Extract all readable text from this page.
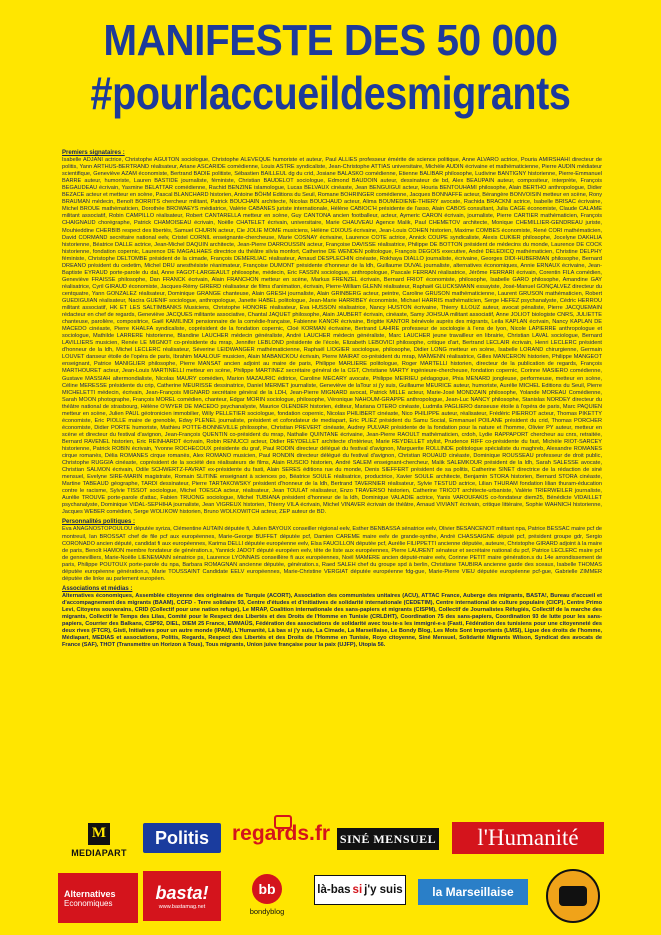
MANIFESTE DES 50 000
#pourlaccueildesmigrants

Premiers signataires :

Isabelle ADJANI actrice, Christophe AGUITON sociologue, Christophe ALEVEQUE humoriste et auteur, Paul ALLIES professeur émérite de science politique, Anne ALVARO actrice, Pouria AMIRSHAHI directeur de politis, Yann ARTHUS-BERTRAND réalisateur, Ariane ASCARIDE comédienne, Louis ASTRE syndicaliste, Jean-Christophe ATTIAS universitaire, Michèle AUDIN écrivaine et mathématicienne, Pierre AUDIN médiateur scientifique, Geneviève AZAM économiste, Bertrand BADIE politiste, Sébastien BAILLEUL dg du crid, Josiane BALASKO comédienne, Etienne BALIBAR philosophe, Ludivine BANTIGNY historienne, Pierre-Emmanuel BARRE auteur, humoriste, Lauren BASTIDE journaliste, féministe, Christian BAUDELOT sociologue, Edmond BAUDOIN auteur, dessinateur de bd, Alex BEAUPAIN auteur, compositeur, interprète, François BEGAUDEAU écrivain, Yasmine BELATTAR comédienne, Rachid BENZINE islamologue, Lucas BELVAUX cinéaste, Jean BENGUIGUI acteur, Houria BENTOUHAMI philosophe, Alain BERTHO anthropologue, Didier BEZACE acteur et metteur en scène, Pascal BLANCHARD historien, Antoine BÖHM Editions du Seuil, Romane BOHRINGER comédienne, Jacques BONNAFFE acteur, Bérangère BONVOISIN metteur en scène, Rony BRAUMAN médecin, Benoît BORRITS chercheur militant, Patrick BOUCHAIN architecte, Nicolas BOUCHAUD acteur, Alima BOUMEDIENE-THIERY avocate, Rachida BRACKNI actrice, Isabelle BRISAC écrivaine, Michel BROUE mathématicien, Dorothée BROWAEYS médiatrice, Valérie CABANES juriste internationale, Hélène CABIOC'H présidente de l'asso, Alain CABOS consultant, Julia CAGE économiste, Claude CALAME militant associatif, Robin CAMPILLO réalisateur, Robert CANTARELLA metteur en scène, Guy CANTONA ancien footballeur, acteur, Aymeric CARON écrivain, journaliste, Pierre CARTIER mathématicien, François CHAIGNAUD chorégraphe, Patrick CHAMOISEAU écrivain, Noëlle CHATELET écrivain, universitaire, Marie CHAUVEAU Agence Malik, Paul CHEMETOV architecte, Monique CHEMILLIER-GENDREAU juriste, Mouhieddine CHERBIB respect des libertés, Samuel CHURIN acteur, Cie JOLIE MOME musiciens, Hélène CIXOUS écrivaine, Jean-Louis COHEN historien, Maxime COMBES économiste, René CORI mathématicien, David CORMAND secrétaire national eelv, Cristel CORNIL enseignante-chercheuse, Marie COSNAY écrivaine, Laurence COTE actrice, Annick COUPE syndicaliste, Alexis CUKIER philosophe, Jocelyne DAKHLIA historienne, Béatrice DALLE actrice, Jean-Michel DAQUIN architecte, Jean-Pierre DARROUSSIN acteur, Françoise DAVISSE réalisatrice, Philippe DE BOTTON président de médecins du monde, Laurence DE COCK historienne, fondation copernic, Laurence DE MAGALHAES directrice du théâtre silvia monfort, Catherine DE WENDEN politologue, François DEGOIS executive, André DELEDICQ mathématicien, Christine DELPHY féministe, Christophe DELTOMBE président de la cimade, François DEMERLIAC réalisateur, Arnaud DESPLECHIN cinéaste, Rokhaya DIALLO journaliste, écrivaine, Georges DIDI-HUBERMAN philosophe, Bernard DREANO président du cedetim, Michel DRU anesthésiste réanimateur, Françoise DUMONT présidente d'honneur de la ldh, Guillaume DUVAL journaliste, alternatives économiques, Annie ERNAUX écrivaine, Jean-Baptiste EYRAUD porte-parole du dal, Anne FAGOT-LARGEAULT philosophe, médecin, Eric FASSIN sociologue, anthropologue, Pascale FERRAN réalisatrice, Jérôme FERRARI écrivain, Corentin FILA comédien, Geneviève FRAISSE philosophe, Dan FRANCK écrivain, Alain FRANCHON metteur en scène, Markus FRENZEL écrivain, Bernard FRIOT économiste, philosophe, Isabelle GARO philosophe, Amandine GAY réalisatrice, Cyril GIRAUD économiste, Jacques-Rémy GIRERD réalisateur de films d'animation, écrivain, Pierre-William GLENN réalisateur, Raphaël GLUCKSMANN essayiste, José-Manuel GONÇALVEZ directeur du centquatre, Yann GONZALEZ réalisateur, Dominique GRANGE chanteuse, Alain GRESH journaliste, Alain GRINBERG acteur, peintre, Caroline GRUSON mathématicienne, Laurent GRUSON mathématicien, Robert GUEDIGUIAN réalisateur, Nacira GUENIF sociologue, anthropologue, Janette HABEL politologue, Jean-Marie HARRIBEY économiste, Michael HARRIS mathématicien, Serge HEFEZ psychanalyste, Cédric HERROU militant associatif, HK ET LES SALTIMBANKS Musiciens, Christophe HONORE réalisateur, Eva HUSSON réalisatrice, Nancy HUSTON écrivaine, Thierry ILLOUZ auteur, avocat pénaliste, Pierre JACQUEMAIN rédacteur en chef de regards, Geneviève JACQUES militante associative, Chantal JAQUET philosophe, Alain JAUBERT écrivain, cinéaste, Samy JOHSUA militant associatif, Anne JOLIOT biologiste CNRS, JULIETTE chanteuse, parolière, compositrice, Gaël KAMILINDI pensionnaire de la comédie-française, Fabienne KANOR écrivaine, Brigitte KANTOR bénévole auprès des migrants, Leila KAPLAN écrivain, Nancy KAPLAN DE MACEDO cinéaste, Pierre KHALFA syndicaliste, coprésident de la fondation copernic, Cloé KORMAN écrivaine, Bertrand LAHIRE professeur de sociologie à l'ens de lyon, Nicole LAPIERRE anthropologue et sociologue, Mathilde LARRERE historienne, Blandine LAUCHER médecin généraliste, André LAUCHER médecin généraliste, Marc LAUCHER jeune travailleur en librairie, Christian LAVAL sociologue, Bernard LAVILLIERS musicien, Renée LE MIGNOT co-présidente du mrap, Jennifer LEBLOND présidente de l'école, Elizabeth LEBOVICI philosophe, critique d'art, Bertrand LECLAIR écrivain, Henri LECLERC président d'honneur de la ldh, Michel LECLERC réalisateur, Séverine LEIDWANGER mathématicienne, Raphaël LIOGIER sociologue, philosophe, Didier LONG metteur en scène, Isabelle LORAND chirurgienne, Germain LOUVET danseur étoile de l'opéra de paris, Ibrahim MAALOUF musicien, Alain MABANCKOU écrivain, Pierre MAIRAT co-président du mrap, MAÏWENN réalisatrice, Gilles MANCERON historien, Philippe MANGEOT enseignant, Patrice MANIGLIER philosophe, Pierre MANSAT ancien adjoint au maire de paris, Philippe MARLIERE politologue, Roger MARTELLI historien, directeur de la publication de regards, François MARTHOURET acteur, Jean-Louis MARTINELLI metteur en scène, Philippe MARTINEZ secrétaire général de la CGT, Christiane MARTY ingénieure-chercheuse, fondation copernic, Corinne MASIERO comédienne, Gustave MASSIAH altermondialiste, Nicolas MAURY comédien, Marion MAZAURIC éditrice, Caroline MECARY avocate, Philippe MEIRIEU pédagogue, Phia MENARD jongleuse, performeuse, metteur en scène, Céline MERESSE présidente du crip, Catherine MEURISSE dessinatrice, Daniel MERMET journaliste, Geneviève de laTour si j'y suis, Guillaume MEURICE auteur, humoriste, Aurélie MICHEL Editions du Seuil, Pierre MICHELETTI médecin, écrivain, Jean-François MIGNARD secrétaire général de la LDH, Jean-Pierre MIGNARD avocat, Patrick MILLE acteur, Marie-José MONDZAIN philosophe, Yolande MOREAU Comédienne, Sarah MOON photographe, François MOREL comédien, chanteur, Edgar MORIN sociologue, philosophe, Véronique NAHOUM-GRAPPE anthropologue, Jean-Luc NANCY philosophe, Stanislas NORDEY directeur du théâtre national de strasbourg, Hélène O'WYER DE MACEDO psychanalyste, Maurice OLENDER historien, éditeur, Mariana OTERO cinéaste, Ludmila PAGLIERO danseuse étoile à l'opéra de paris, Marc PAQUIEN metteur en scène, Julien PAUL géotronicien immobilier, Willy PELLETIER sociologue, fondation copernic, Nicolas PHILIBERT cinéaste, Nico PHILIPPE auteur, réalisateur, Frédéric PIERROT acteur, Thomas PIKETTY économiste, Eric PIOLLE maire de grenoble, Edwy PLENEL journaliste, président et cofondateur de mediapart, Eric PLIEZ président du Samu Social, Emmanuel POILANE président du crid, Thomas PORCHER économiste, Didier PORTE humoriste, Mathieu POTTE-BONNEVILLE philosophe, Christian PREVERT cinéaste, Audrey PULVAR présidente de la fondation pour la nature et l'homme, Olivier PY auteur, metteur en scène et directeur du festival d'avignon, Jean-François QUENTIN co-président du mrap, Nathalie QUINTANE écrivaine, Jean-Pierre RAOULT mathématicien, crdoh, Lydie RAPPAPORT chercheur au cnrs, retraitée, Bernard RAVENEL historien, Eric REINHARDT écrivain, Robin RENUCCI acteur, Didier REYDELLET architecte d'intérieur, Marie REYDELLET stylist, Prudence RIFF co-présidente du fast, Michèle RIOT-SARCEY historienne, Patrick ROBIN écrivain, Yvonne ROCHECOUX présidente du graf, Paul RODIN directeur délégué du festival d'avignon, Marguerite ROLLINDE politologue spécialiste du maghreb, Alexandre ROMANES cirque romanès, Délia ROMANES cirque romanès, Alex ROMANO musicien, Paul RONDIN directeur délégué du festival d'avignon, Christian ROUAUD cinéaste, Dominique ROUSSEAU professeur de droit public, Christophe RUGGIA cinéaste, coprésident de la société des réalisateurs de films, Alain RUSCIO historien, André SALEM enseignant-chercheur, Malik SALEMKOUR président de la ldh, Sarah SALESSE avocate, Christian SALMON écrivain, Odile SCHWERTZ-FAVRAT ex-présidente du fasti, Alain SERES éditions rue du monde, Denis SIEFFERT président de sa politis, Catherine SINET directrice de la rédaction de siné mensuel, Evelyne SIRE-MARIN magistrate, Romain SLITINE enseignant à sciences po, Béatrice SOULE réalisatrice, productrice, Xavier SOULE architecte, Benjamin STORA historien, Bernard STORA cinéaste, Martine TABEAUD géographe, TARDI dessinateur, Pierre TARTAKOWSKY président d'honneur de la ldh, Bertrand TAVERNIER réalisateur, Sylvie TESTUD actrice, Lilian THURAM fondation lilian thuram-éducation contre le racisme, Sylvie TISSOT sociologue, Michel TOESCA acteur, réalisateur, Jean TOULAT réalisateur, Enzo TRAVERSO historien, Catherine TRICOT architecte-urbaniste, Valérie TRIERWEILER journaliste, Aurélie TROUVE porte-parole d'attac, Fabien TRUONG sociologue, Michel TUBIANA président d'honneur de la ldh, Dominique VALADIE actrice, Yanis VAROUFAKIS co-fondateur diem25, Bénédicte VIDAILLET psychanalyste, Dominique VIDAL-SEPHIHA journaliste, Jean VIGREUX historien, Thierry VILA écrivain, Michel VINAVER écrivain de théâtre, Arnaud VIVIANT écrivain, critique littéraire, Sophie WAHNICH historienne, Jacques WEBER comédien, Serge WOLIKOW historien, Bruno WOLKOWITCH acteur, ZEP auteur de BD.

Personnalités politiques :

Eva ANAGNOSTOPOULOU députée syriza, Clémentine AUTAIN députée fi, Julien BAYOUX conseiller régional eelv, Esther BENBASSA sénatrice eelv, Olivier BESANCENOT militant npa, Patrice BESSAC maire pcf de montreuil, Ian BROSSAT chef de file pcf aux européennes, Marie-George BUFFET députée pcf, Damien CAREME maire eelv de grande-synthe, André CHASSAIGNE député pcf, président groupe gdr, Sergio CORONADO ancien député, candidat fi aux européennes, Karima DELLI députée européenne eelv, Elsa FAUCILLON députée pcf, Aurélie FILIPPETTI ancienne députée, auteure, Christophe GIRARD adjoint à la maire de paris, Benoît HAMON membre fondateur de génération.s, Yannick JADOT député européen eelv, tête de liste aux européennes, Pierre LAURENT sénateur et secrétaire national du pcf, Patrice LECLERC maire pcf de gennevilliers, Marie-Noëlle LIENEMANN sénatrice ps, Laurence LYONNAIS conseillère fi aux européennes, Noël MAMERE ancien député-maire eelv, Corinne PETIT maire génération.s du 14e arrondissement de paris, Philippe POUTOUX porte-parole du npa, Barbara ROMAGNAN ancienne députée, génération.s, Raed SALEH chef du groupe spd à berlin, Christiane TAUBIRA ancienne garde des sceaux, Isabelle THOMAS députée européenne génération.s, Marie TOUSSAINT Candidate EELV européennes, Marie-Christine VERGIAT députée européenne fdg-gue, Marie-Pierre VIEU députée européenne pcf-gue, Gabrielle ZIMMER députée die linke au parlement européen.

Associations et médias :

Alternatives économiques, Assemblée citoyenne des originaires de Turquie (ACORT), Association des communistes unitaires (ACU), ATTAC France, Auberge des migrants, BASTA!, Bureau d'accueil et d'accompagnement des migrants (BAAM), CCFD - Terre solidaire 93, Centre d'études et d'initiatives de solidarité internationale (CEDETIM), Centre international de culture populaire (CICP), Centre Primo Levi, Citoyens souverains, CRID (Collectif pour une nation refuge), Le MRAP, Coalition internationale des sans-papiers et migrants (CISPM), Collectif de Journalistes Réfugiés, Collectif de la marche des migrants, Collectif le Temps des Lilas, Comité pour le Respect des Libertés et des Droits de l'Homme en Tunisie (CRLDHT), Coordination 75 des sans-papiers, Coordination 93 de lutte pour les sans-papiers, Courrier des Balkans, CSP92, DIEL, DIEM 25 France, EMMAÜS, Fédération des associations de solidarité avec tou-te-s les immigré-e-s (Fasti, Fédération des tunisiens pour une citoyenneté des deux rives (FTCR), Gisti, Initiatives pour un autre monde (IPAM), L'Humanité, Là bas si j'y suis, La Cimade, La Marseillaise, Le Bondy Blog, Les Mots Sont Importants (LMSI), Ligue des droits de l'homme, Médiapart, MEDIAS et associations, Politis, Regards, Respect des Libertés et des Droits de l'Homme en Tunisie, Royo citoyenne, Siné Mensuel, Solidarité Migrants Wilson, Syndicat des avocats de France (SAF), THOT (Transmettre un Horizon à Tous), Tous migrants, Union juive française pour la paix (UJFP), Utopia 56.

M
MEDIAPART
Politis	regards.fr SINÉ MENSUEL	l'Humanité
Alternatives
Economiques
basta!
www.bastamag.net
bb
bondyblog
là-bas si j'y suis	la Marseillaise
